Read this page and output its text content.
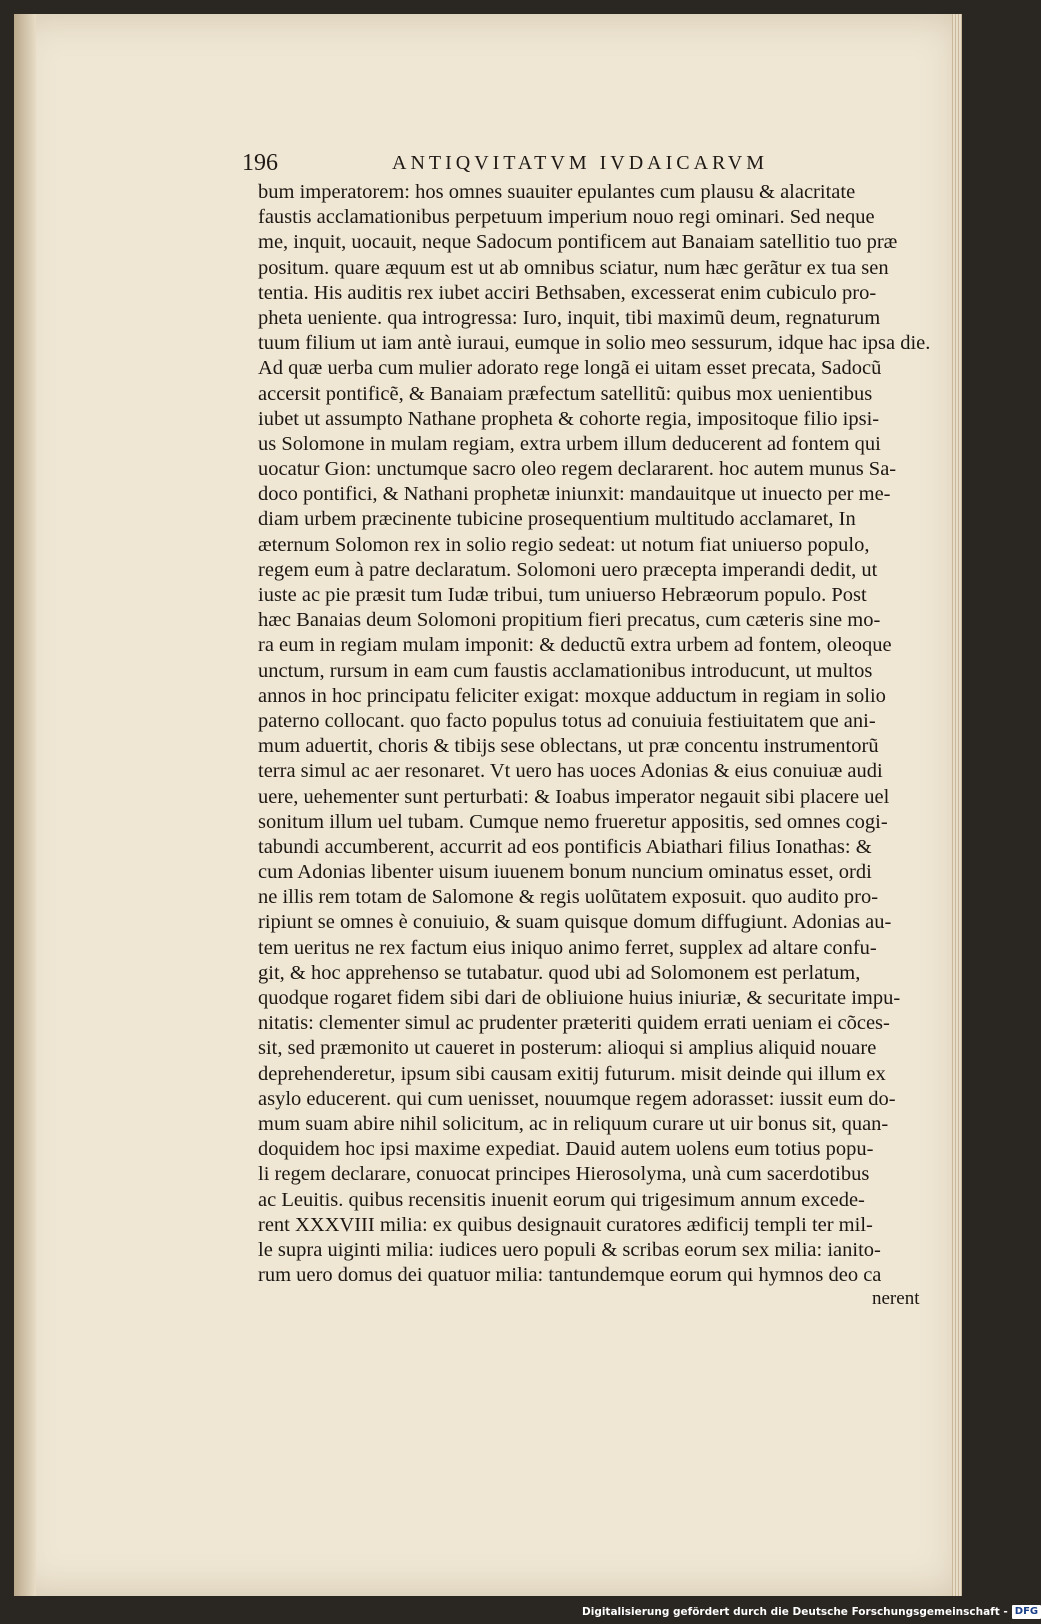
196	ANTIQVITATVM IVDAICARVM
bum imperatorem: hos omnes suauiter epulantes cum plausu & alacritate
faustis acclamationibus perpetuum imperium nouo regi ominari. Sed neque
me, inquit, uocauit, neque Sadocum pontificem aut Banaiam satellitio tuo præ
positum. quare æquum est ut ab omnibus sciatur, num hæc gerãtur ex tua sen
tentia. His auditis rex iubet acciri Bethsaben, excesserat enim cubiculo pro-
pheta ueniente. qua introgressa: Iuro, inquit, tibi maximũ deum, regnaturum
tuum filium ut iam antè iuraui, eumque in solio meo sessurum, idque hac ipsa die.
Ad quæ uerba cum mulier adorato rege longã ei uitam esset precata, Sadocũ
accersit pontificẽ, & Banaiam præfectum satellitũ: quibus mox uenientibus
iubet ut assumpto Nathane propheta & cohorte regia, impositoque filio ipsi-
us Solomone in mulam regiam, extra urbem illum deducerent ad fontem qui
uocatur Gion: unctumque sacro oleo regem declararent. hoc autem munus Sa-
doco pontifici, & Nathani prophetæ iniunxit: mandauitque ut inuecto per me-
diam urbem præcinente tubicine prosequentium multitudo acclamaret, In
æternum Solomon rex in solio regio sedeat: ut notum fiat uniuerso populo,
regem eum à patre declaratum. Solomoni uero præcepta imperandi dedit, ut
iuste ac pie præsit tum Iudæ tribui, tum uniuerso Hebræorum populo. Post
hæc Banaias deum Solomoni propitium fieri precatus, cum cæteris sine mo-
ra eum in regiam mulam imponit: & deductũ extra urbem ad fontem, oleoque
unctum, rursum in eam cum faustis acclamationibus introducunt, ut multos
annos in hoc principatu feliciter exigat: moxque adductum in regiam in solio
paterno collocant. quo facto populus totus ad conuiuia festiuitatem que ani-
mum aduertit, choris & tibijs sese oblectans, ut præ concentu instrumentorũ
terra simul ac aer resonaret. Vt uero has uoces Adonias & eius conuiuæ audi
uere, uehementer sunt perturbati: & Ioabus imperator negauit sibi placere uel
sonitum illum uel tubam. Cumque nemo frueretur appositis, sed omnes cogi-
tabundi accumberent, accurrit ad eos pontificis Abiathari filius Ionathas: &
cum Adonias libenter uisum iuuenem bonum nuncium ominatus esset, ordi
ne illis rem totam de Salomone & regis uolũtatem exposuit. quo audito pro-
ripiunt se omnes è conuiuio, & suam quisque domum diffugiunt. Adonias au-
tem ueritus ne rex factum eius iniquo animo ferret, supplex ad altare confu-
git, & hoc apprehenso se tutabatur. quod ubi ad Solomonem est perlatum,
quodque rogaret fidem sibi dari de obliuione huius iniuriæ, & securitate impu-
nitatis: clementer simul ac prudenter præteriti quidem errati ueniam ei cõces-
sit, sed præmonito ut caueret in posterum: alioqui si amplius aliquid nouare
deprehenderetur, ipsum sibi causam exitij futurum. misit deinde qui illum ex
asylo educerent. qui cum uenisset, nouumque regem adorasset: iussit eum do-
mum suam abire nihil solicitum, ac in reliquum curare ut uir bonus sit, quan-
doquidem hoc ipsi maxime expediat. Dauid autem uolens eum totius popu-
li regem declarare, conuocat principes Hierosolyma, unà cum sacerdotibus
ac Leuitis. quibus recensitis inuenit eorum qui trigesimum annum excede-
rent XXXVIII milia: ex quibus designauit curatores ædificij templi ter mil-
le supra uiginti milia: iudices uero populi & scribas eorum sex milia: ianito-
rum uero domus dei quatuor milia: tantundemque eorum qui hymnos deo ca
nerent
Digitalisierung gefördert durch die Deutsche Forschungsgemeinschaft - DFG
